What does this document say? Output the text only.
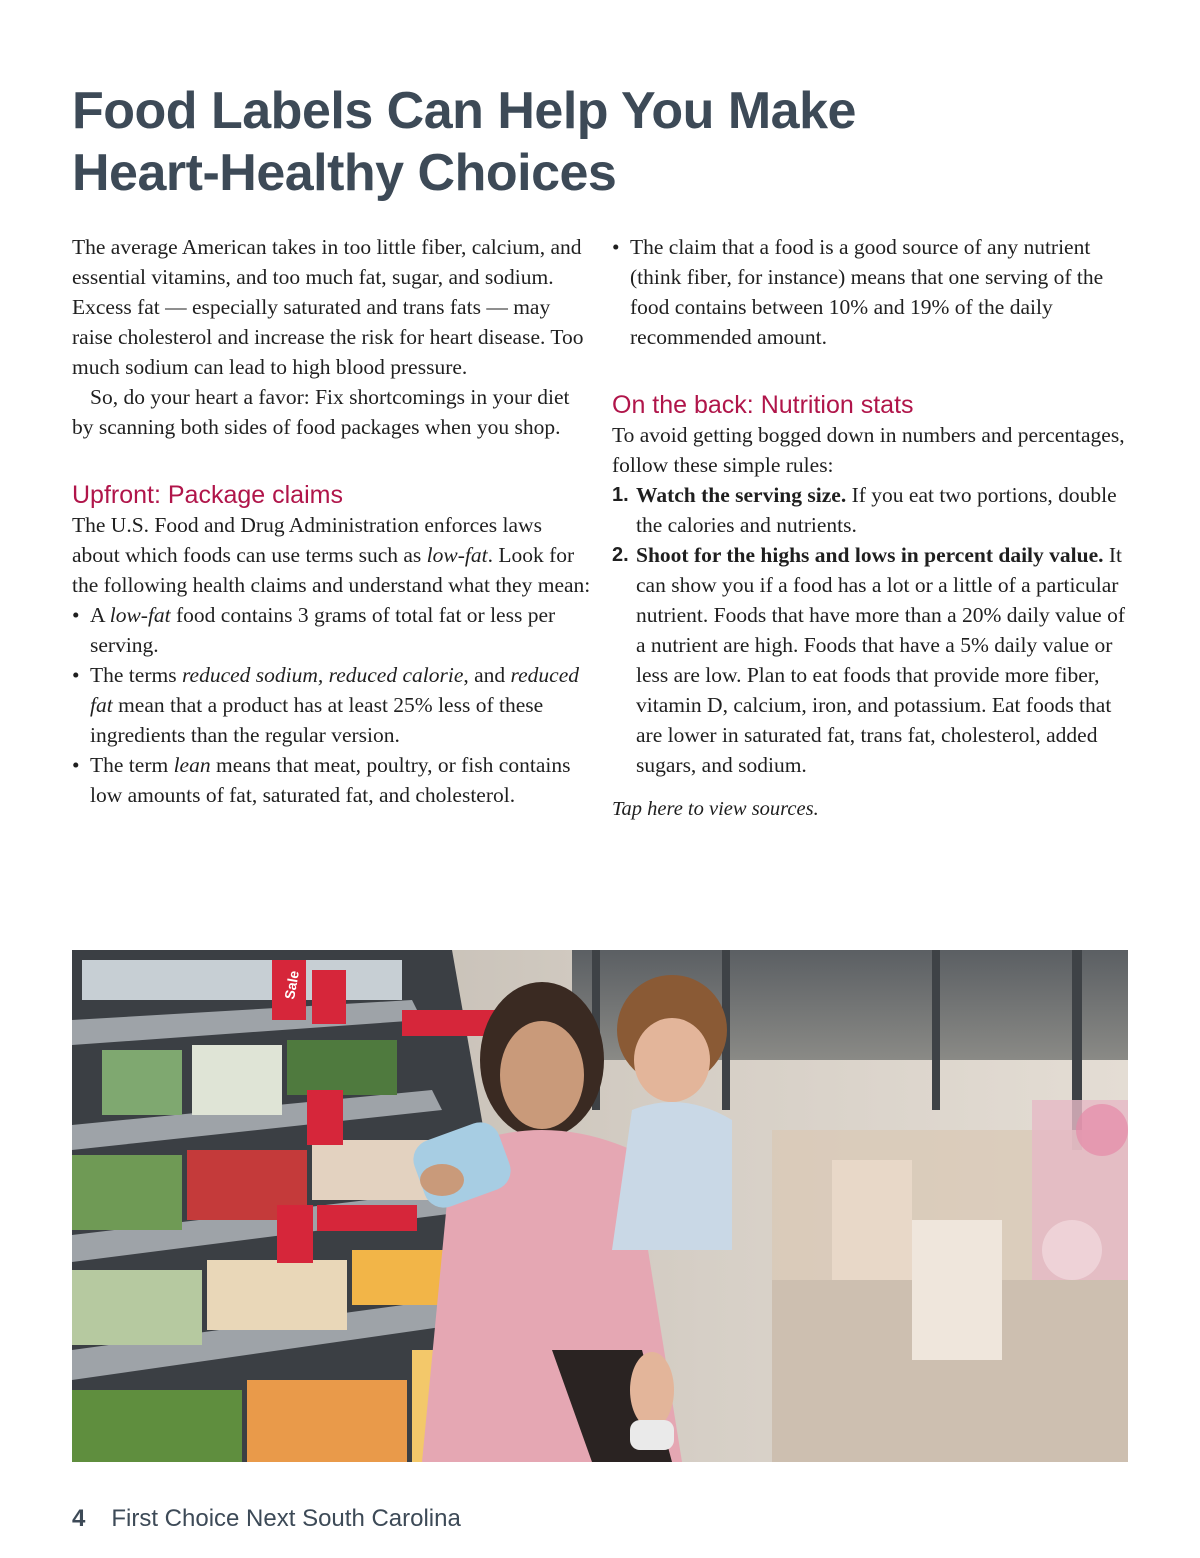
Food Labels Can Help You Make
Heart-Healthy Choices

The average American takes in too little fiber, calcium, and essential vitamins, and too much fat, sugar, and sodium. Excess fat — especially saturated and trans fats — may raise cholesterol and increase the risk for heart disease. Too much sodium can lead to high blood pressure.

So, do your heart a favor: Fix shortcomings in your diet by scanning both sides of food packages when you shop.

Upfront: Package claims

The U.S. Food and Drug Administration enforces laws about which foods can use terms such as low-fat. Look for the following health claims and understand what they mean:

• A low-fat food contains 3 grams of total fat or less per serving.
• The terms reduced sodium, reduced calorie, and reduced fat mean that a product has at least 25% less of these ingredients than the regular version.
• The term lean means that meat, poultry, or fish contains low amounts of fat, saturated fat, and cholesterol.
• The claim that a food is a good source of any nutrient (think fiber, for instance) means that one serving of the food contains between 10% and 19% of the daily recommended amount.
On the back: Nutrition stats

To avoid getting bogged down in numbers and percentages, follow these simple rules:

1. Watch the serving size. If you eat two portions, double the calories and nutrients.
2. Shoot for the highs and lows in percent daily value. It can show you if a food has a lot or a little of a particular nutrient. Foods that have more than a 20% daily value of a nutrient are high. Foods that have a 5% daily value or less are low. Plan to eat foods that provide more fiber, vitamin D, calcium, iron, and potassium. Eat foods that are lower in saturated fat, trans fat, cholesterol, added sugars, and sodium.

Tap here to view sources.

Sale
4 First Choice Next South Carolina
